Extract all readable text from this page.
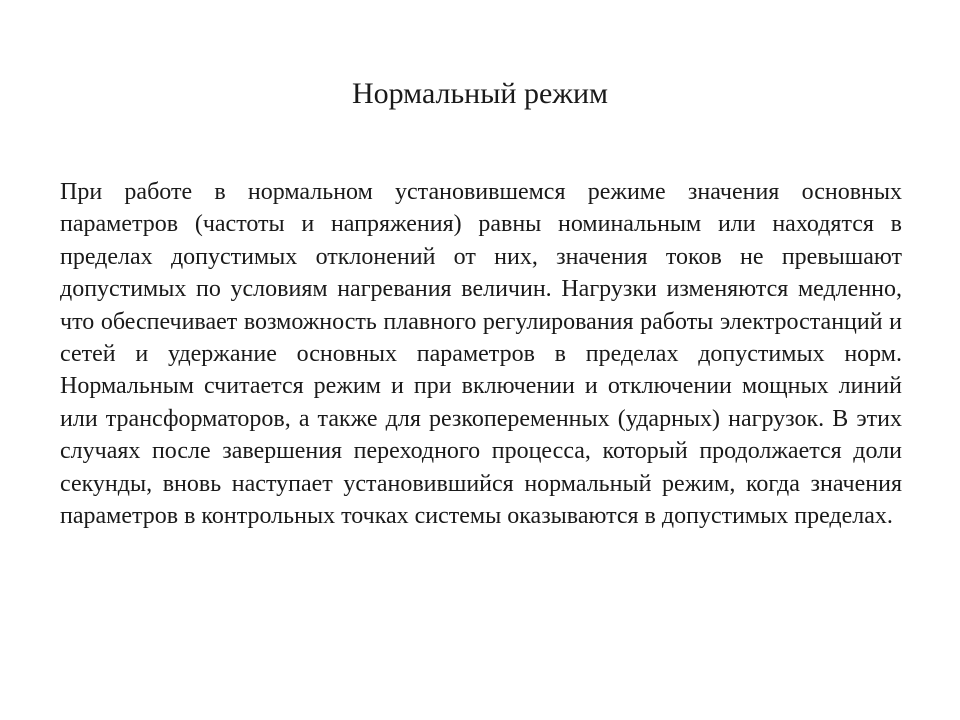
Нормальный режим

При работе в нормальном установившемся режиме значения основных параметров (частоты и напряжения) равны номинальным или находятся в пределах допустимых отклонений от них, значения токов не превышают допустимых по условиям нагревания величин. Нагрузки изменяются медленно, что обеспечивает возможность плавного регулирования работы электростанций и сетей и удержание основных параметров в пределах допустимых норм. Нормальным считается режим и при включении и отключении мощных линий или трансформаторов, а также для резкопеременных (ударных) нагрузок. В этих случаях после завершения переходного процесса, который продолжается доли секунды, вновь наступает установившийся нормальный режим, когда значения параметров в контрольных точках системы оказываются в допустимых пределах.
